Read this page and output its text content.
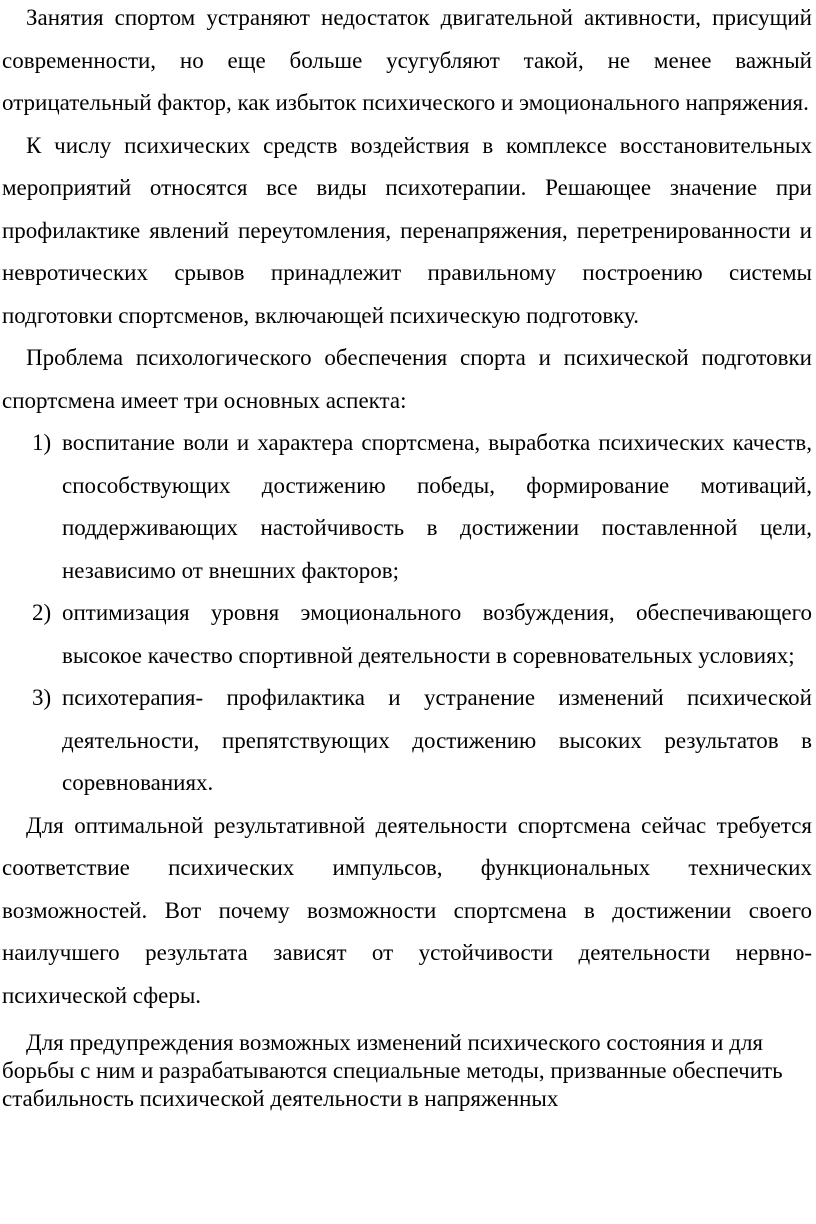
Занятия спортом устраняют недостаток двигательной активности, присущий современности, но еще больше усугубляют такой, не менее важный отрицательный фактор, как избыток психического и эмоционального напряжения.

К числу психических средств воздействия в комплексе восстановительных мероприятий относятся все виды психотерапии. Решающее значение при профилактике явлений переутомления, перенапряжения, перетренированности и невротических срывов принадлежит правильному построению системы подготовки спортсменов, включающей психическую подготовку.

Проблема психологического обеспечения спорта и психической подготовки спортсмена имеет три основных аспекта:

1) воспитание воли и характера спортсмена, выработка психических качеств, способствующих достижению победы, формирование мотиваций, поддерживающих настойчивость в достижении поставленной цели, независимо от внешних факторов;
2) оптимизация уровня эмоционального возбуждения, обеспечивающего высокое качество спортивной деятельности в соревновательных условиях;
3) психотерапия- профилактика и устранение изменений психической деятельности, препятствующих достижению высоких результатов в соревнованиях.

Для оптимальной результативной деятельности спортсмена сейчас требуется соответствие психических импульсов, функциональных технических возможностей. Вот почему возможности спортсмена в достижении своего наилучшего результата зависят от устойчивости деятельности нервно-психической сферы.

Для предупреждения возможных изменений психического состояния и для борьбы с ним и разрабатываются специальные методы, призванные обеспечить стабильность психической деятельности в напряженных
